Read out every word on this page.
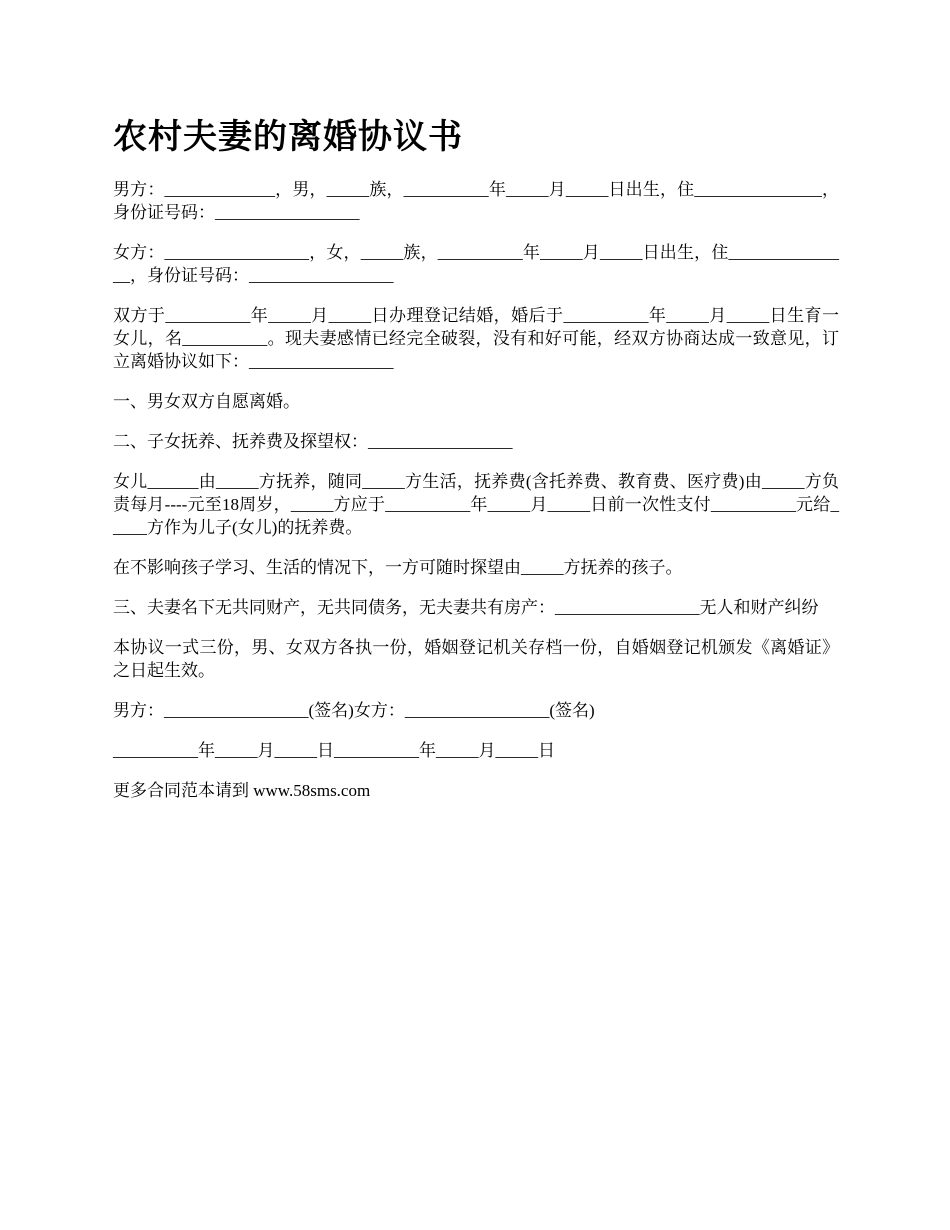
农村夫妻的离婚协议书

男方：_____________，男，_____族，__________年_____月_____日出生，住_______________，身份证号码：_________________

女方：_________________，女，_____族，__________年_____月_____日出生，住_______________，身份证号码：_________________

双方于__________年_____月_____日办理登记结婚，婚后于__________年_____月_____日生育一女儿，名__________。现夫妻感情已经完全破裂，没有和好可能，经双方协商达成一致意见，订立离婚协议如下：_________________

一、男女双方自愿离婚。

二、子女抚养、抚养费及探望权：_________________

女儿______由_____方抚养，随同_____方生活，抚养费(含托养费、教育费、医疗费)由_____方负责每月----元至18周岁，_____方应于__________年_____月_____日前一次性支付__________元给_____方作为儿子(女儿)的抚养费。

在不影响孩子学习、生活的情况下，一方可随时探望由_____方抚养的孩子。

三、夫妻名下无共同财产，无共同债务，无夫妻共有房产：_________________无人和财产纠纷

本协议一式三份，男、女双方各执一份，婚姻登记机关存档一份，自婚姻登记机颁发《离婚证》之日起生效。

男方：_________________(签名)女方：_________________(签名)

__________年_____月_____日__________年_____月_____日

更多合同范本请到 www.58sms.com
